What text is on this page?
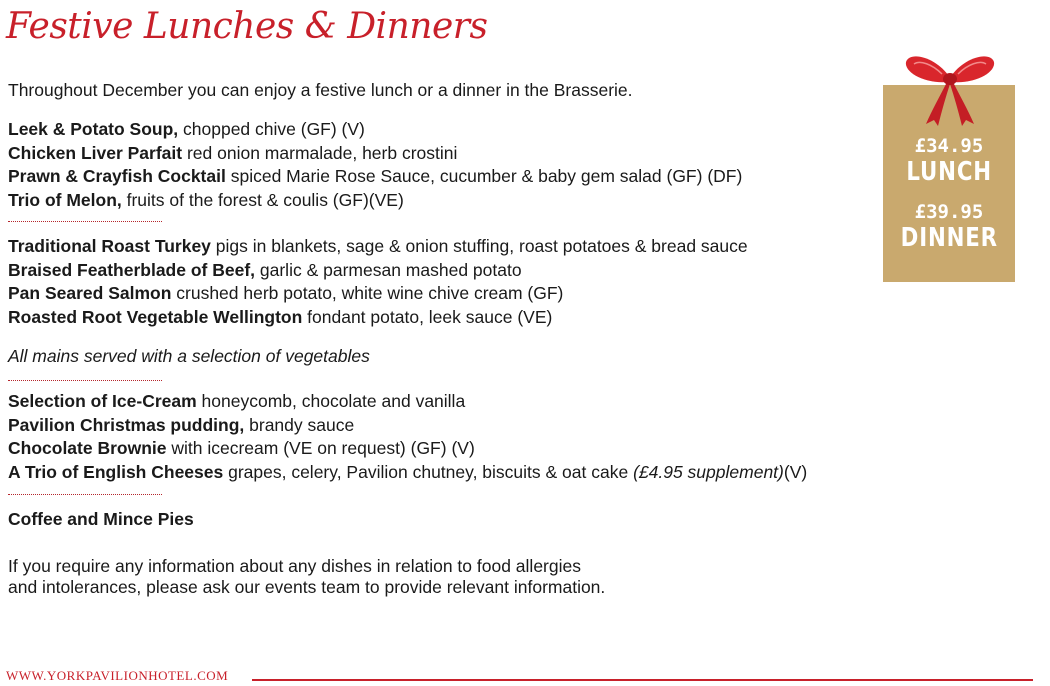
Festive Lunches & Dinners
Throughout December you can enjoy a festive lunch or a dinner in the Brasserie.
Leek & Potato Soup, chopped chive (GF) (V)
Chicken Liver Parfait red onion marmalade, herb crostini
Prawn & Crayfish Cocktail spiced Marie Rose Sauce, cucumber & baby gem salad (GF) (DF)
Trio of Melon, fruits of the forest & coulis (GF)(VE)
Traditional Roast Turkey pigs in blankets, sage & onion stuffing, roast potatoes & bread sauce
Braised Featherblade of Beef, garlic & parmesan mashed potato
Pan Seared Salmon crushed herb potato, white wine chive cream (GF)
Roasted Root Vegetable Wellington fondant potato, leek sauce (VE)
All mains served with a selection of vegetables
Selection of Ice-Cream honeycomb, chocolate and vanilla
Pavilion Christmas pudding, brandy sauce
Chocolate Brownie with icecream (VE on request) (GF) (V)
A Trio of English Cheeses grapes, celery, Pavilion chutney, biscuits & oat cake (£4.95 supplement)(V)
Coffee and Mince Pies
If you require any information about any dishes in relation to food allergies
and intolerances, please ask our events team to provide relevant information.
£34.95
LUNCH
£39.95
DINNER
WWW.YORKPAVILIONHOTEL.COM
